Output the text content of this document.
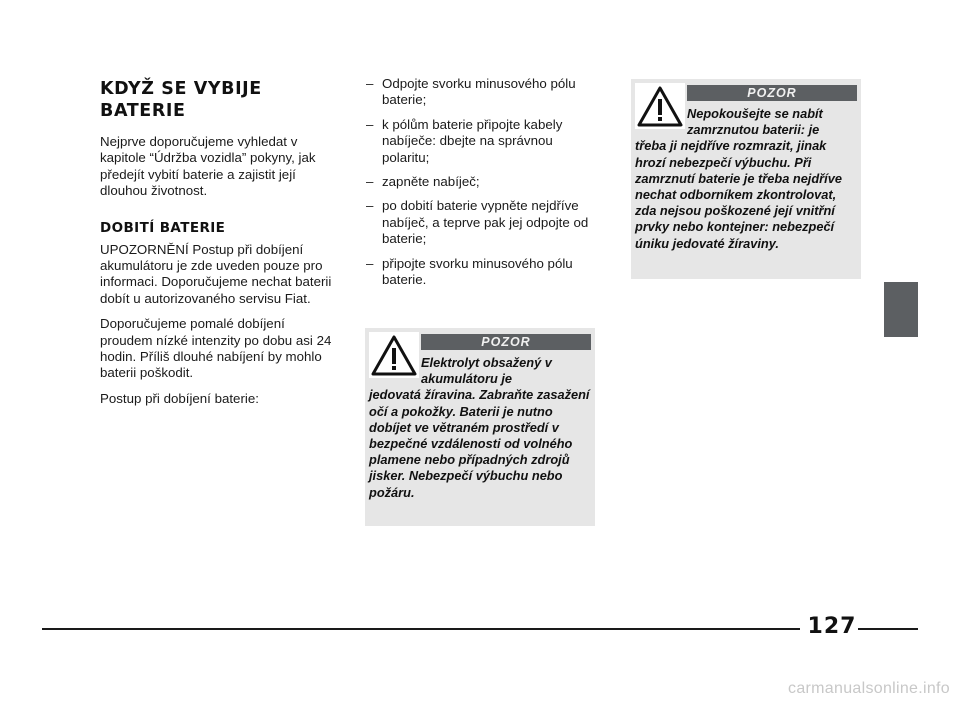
KDYŽ SE VYBIJE
BATERIE

Nejprve doporučujeme vyhledat v kapitole “Údržba vozidla” pokyny, jak předejít vybití baterie a zajistit její dlouhou životnost.

DOBITÍ BATERIE

UPOZORNĚNÍ Postup při dobíjení akumulátoru je zde uveden pouze pro informaci. Doporučujeme nechat baterii dobít u autorizovaného servisu Fiat.

Doporučujeme pomalé dobíjení proudem nízké intenzity po dobu asi 24 hodin. Příliš dlouhé nabíjení by mohlo baterii poškodit.

Postup při dobíjení baterie:

– Odpojte svorku minusového pólu baterie;
– k pólům baterie připojte kabely nabíječe: dbejte na správnou polaritu;
– zapněte nabíječ;
– po dobití baterie vypněte nejdříve nabíječ, a teprve pak jej odpojte od baterie;
– připojte svorku minusového pólu baterie.
POZOR
Elektrolyt obsažený v akumulátoru je
jedovatá žíravina. Zabraňte zasažení očí a pokožky. Baterii je nutno dobíjet ve větraném prostředí v bezpečné vzdálenosti od volného plamene nebo případných zdrojů jisker. Nebezpečí výbuchu nebo požáru.
POZOR
Nepokoušejte se nabít zamrznutou baterii: je
třeba ji nejdříve rozmrazit, jinak hrozí nebezpečí výbuchu. Při zamrznutí baterie je třeba nejdříve nechat odborníkem zkontrolovat, zda nejsou poškozené její vnitřní prvky nebo kontejner: nebezpečí úniku jedovaté žíraviny.
127
carmanualsonline.info
